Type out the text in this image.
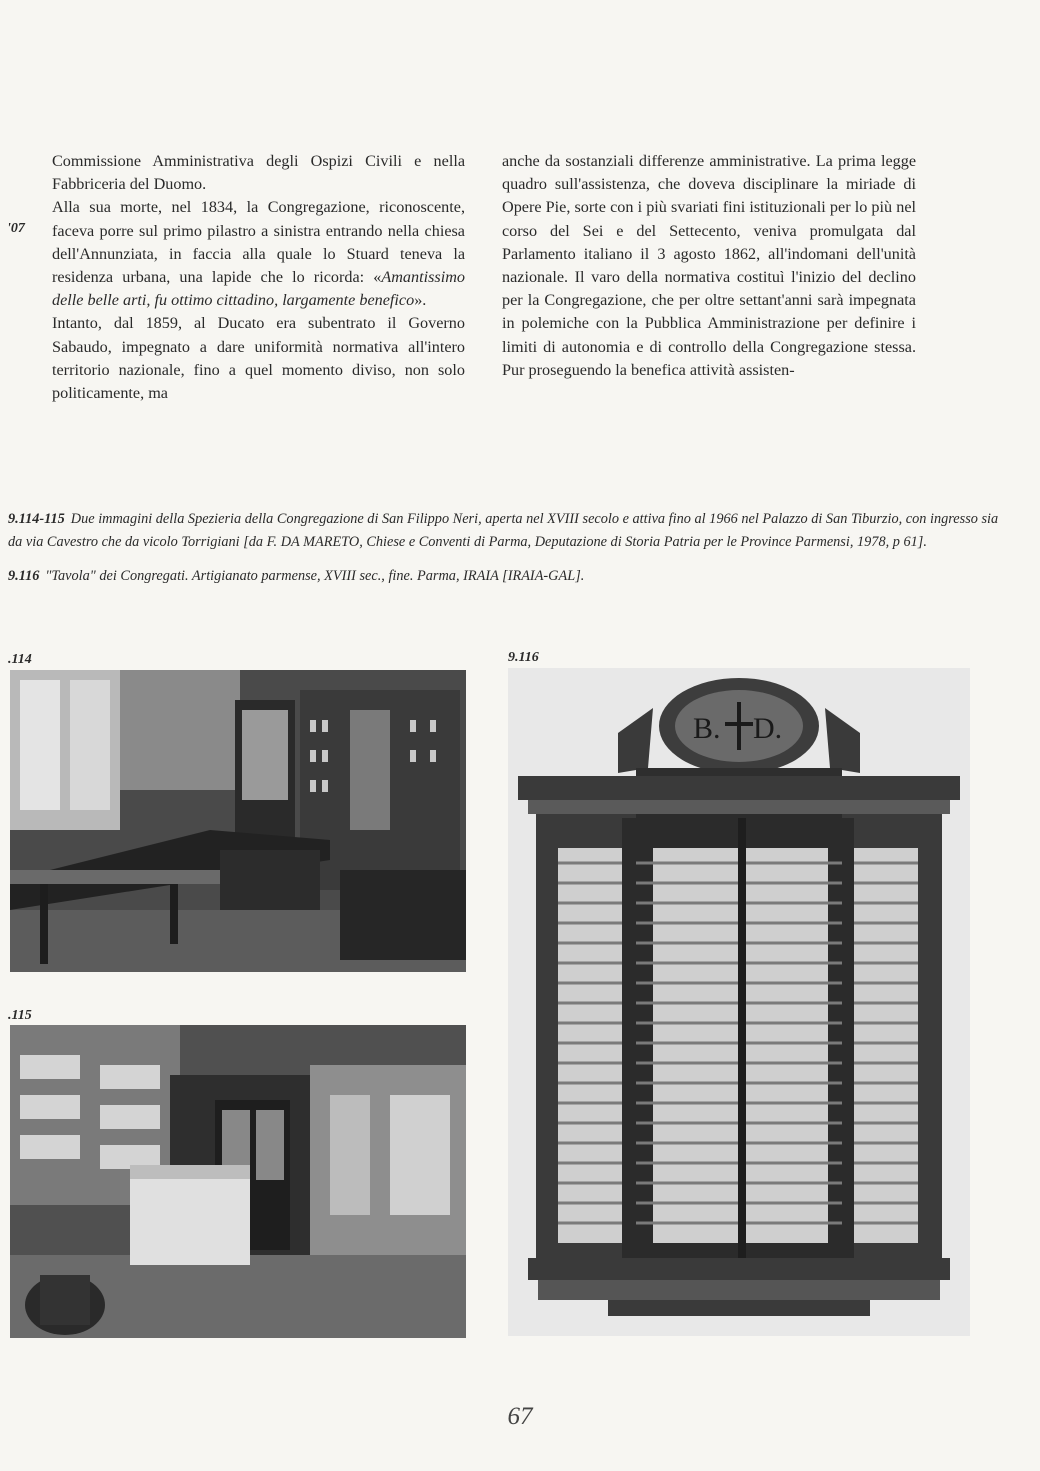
Commissione Amministrativa degli Ospizi Civili e nella Fabbriceria del Duomo.

Alla sua morte, nel 1834, la Congregazione, riconoscente, faceva porre sul primo pilastro a sinistra entrando nella chiesa dell'Annunziata, in faccia alla quale lo Stuard teneva la residenza urbana, una lapide che lo ricorda: «Amantissimo delle belle arti, fu ottimo cittadino, largamente benefico».

Intanto, dal 1859, al Ducato era subentrato il Governo Sabaudo, impegnato a dare uniformità normativa all'intero territorio nazionale, fino a quel momento diviso, non solo politicamente, ma

'07

anche da sostanziali differenze amministrative. La prima legge quadro sull'assistenza, che doveva disciplinare la miriade di Opere Pie, sorte con i più svariati fini istituzionali per lo più nel corso del Sei e del Settecento, veniva promulgata dal Parlamento italiano il 3 agosto 1862, all'indomani dell'unità nazionale. Il varo della normativa costituì l'inizio del declino per la Congregazione, che per oltre settant'anni sarà impegnata in polemiche con la Pubblica Amministrazione per definire i limiti di autonomia e di controllo della Congregazione stessa. Pur proseguendo la benefica attività assisten-

9.114-115 Due immagini della Spezieria della Congregazione di San Filippo Neri, aperta nel XVIII secolo e attiva fino al 1966 nel Palazzo di San Tiburzio, con ingresso sia da via Cavestro che da vicolo Torrigiani [da F. DA MARETO, Chiese e Conventi di Parma, Deputazione di Storia Patria per le Province Parmensi, 1978, p 61].

9.116 "Tavola" dei Congregati. Artigianato parmense, XVIII sec., fine. Parma, IRAIA [IRAIA-GAL].

.114	9.116
.115
B. D.
67
